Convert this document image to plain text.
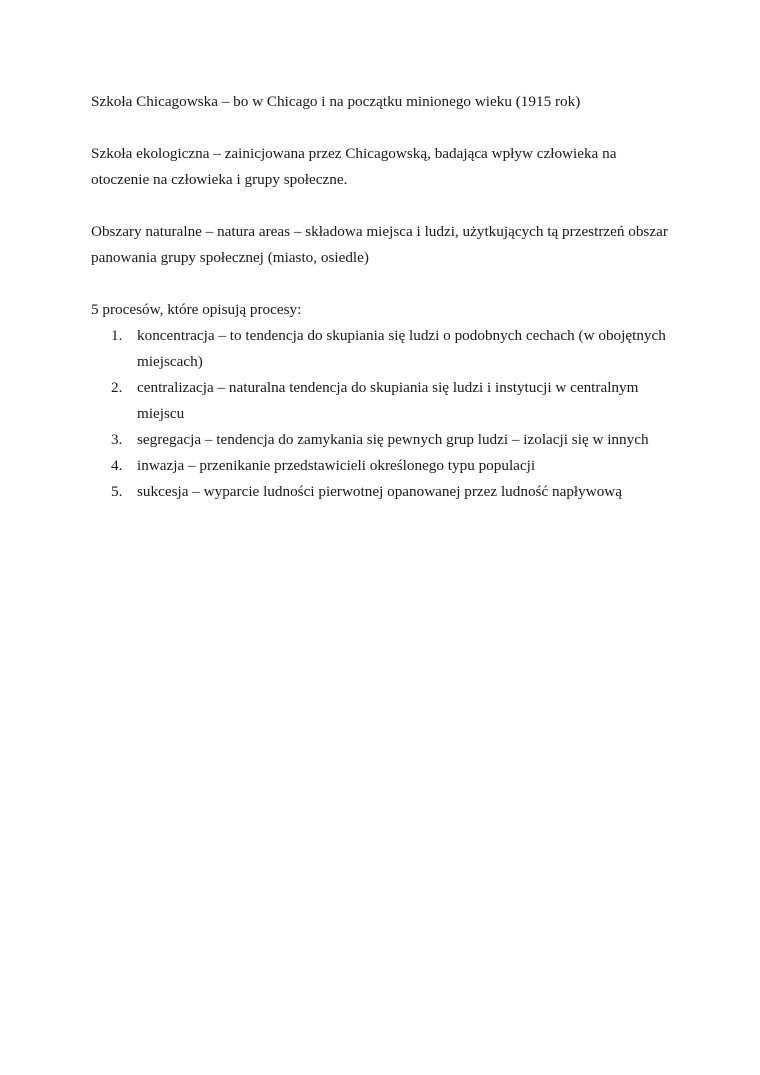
Szkoła Chicagowska – bo w Chicago i na początku minionego wieku (1915 rok)

Szkoła ekologiczna – zainicjowana przez Chicagowską, badająca wpływ człowieka na otoczenie na człowieka i grupy społeczne.

Obszary naturalne – natura areas – składowa miejsca i ludzi, użytkujących tą przestrzeń obszar panowania grupy społecznej (miasto, osiedle)

5 procesów, które opisują procesy:

1. koncentracja – to tendencja do skupiania się ludzi o podobnych cechach (w obojętnych miejscach)
2. centralizacja – naturalna tendencja do skupiania się ludzi i instytucji w centralnym miejscu
3. segregacja – tendencja do zamykania się pewnych grup ludzi – izolacji się w innych
4. inwazja – przenikanie przedstawicieli określonego typu populacji
5. sukcesja – wyparcie ludności pierwotnej opanowanej przez ludność napływową
